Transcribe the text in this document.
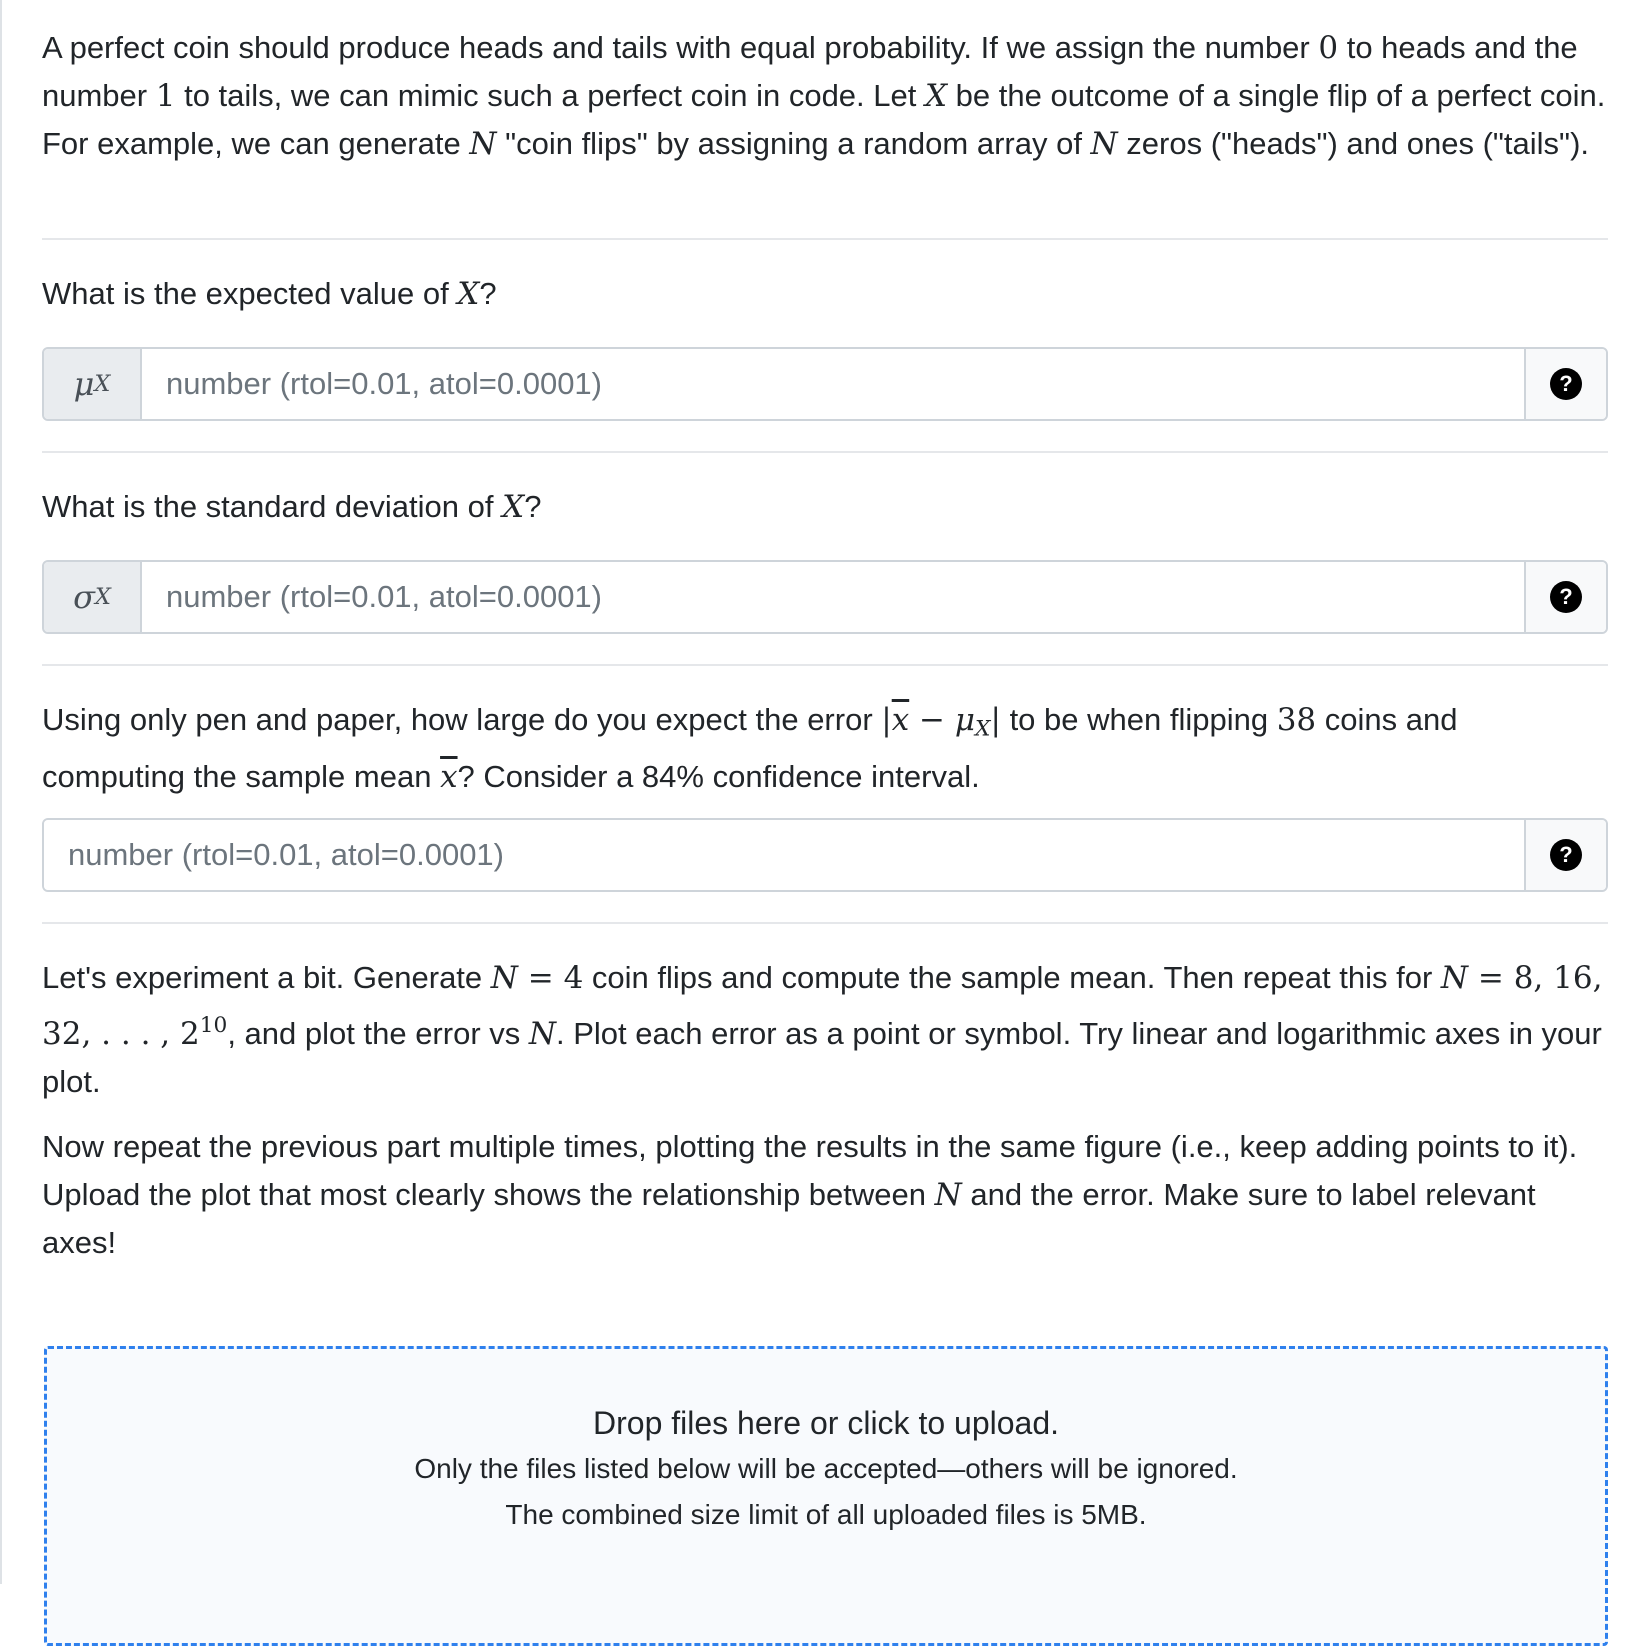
A perfect coin should produce heads and tails with equal probability. If we assign the number 0 to heads and the number 1 to tails, we can mimic such a perfect coin in code. Let X be the outcome of a single flip of a perfect coin. For example, we can generate N "coin flips" by assigning a random array of N zeros ("heads") and ones ("tails").

What is the expected value of X?

μ X
number (rtol=0.01, atol=0.0001)	?

What is the standard deviation of X?

σ X
number (rtol=0.01, atol=0.0001)	?

Using only pen and paper, how large do you expect the error $|\overline{x} - \mu_X|$ to be when flipping 38 coins and computing the sample mean $\overline{x}$? Consider a 84% confidence interval.

number (rtol=0.01, atol=0.0001)
?

Let's experiment a bit. Generate N = 4 coin flips and compute the sample mean. Then repeat this for N = 8, 16, 32, . . . , $2^{10}$, and plot the error vs N. Plot each error as a point or symbol. Try linear and logarithmic axes in your plot.

Now repeat the previous part multiple times, plotting the results in the same figure (i.e., keep adding points to it). Upload the plot that most clearly shows the relationship between N and the error. Make sure to label relevant axes!

Drop files here or click to upload.
Only the files listed below will be accepted—others will be ignored.
The combined size limit of all uploaded files is 5MB.
